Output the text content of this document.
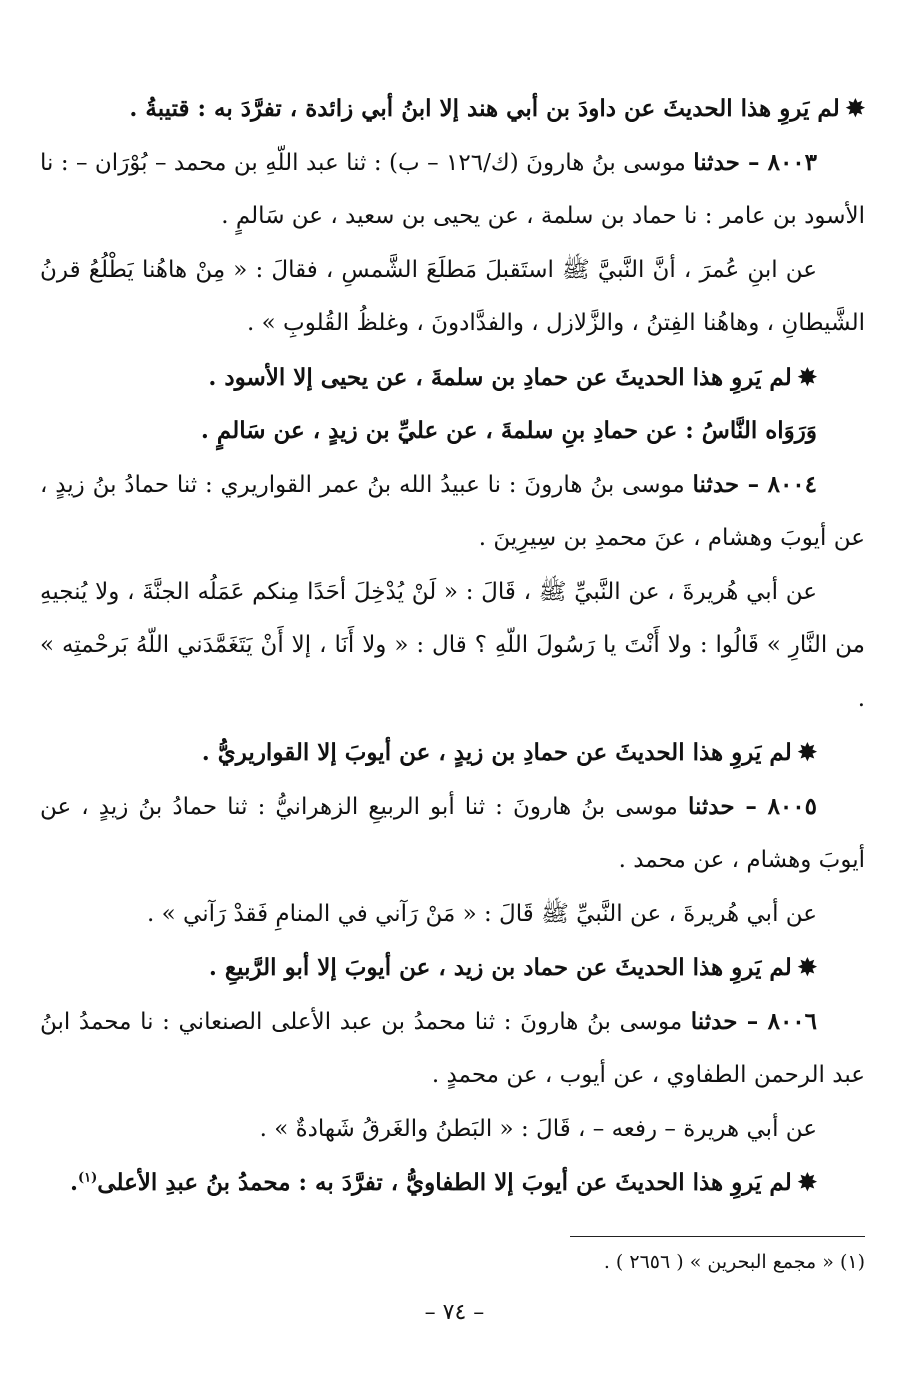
✸لم يَروِ هذا الحديثَ عن داودَ بن أبي هند إلا ابنُ أبي زائدة ، تفرَّدَ به : قتيبةُ .

٨٠٠٣ – حدثنا موسى بنُ هارونَ (ك/١٢٦ – ب) : ثنا عبد اللّهِ بن محمد – بُوْرَان – : نا الأسود بن عامر : نا حماد بن سلمة ، عن يحيى بن سعيد ، عن سَالمٍ .

عن ابنِ عُمرَ ، أنَّ النَّبيَّ ﷺ استَقبلَ مَطلَعَ الشَّمسِ ، فقالَ : « مِنْ هاهُنا يَطْلُعُ قرنُ الشَّيطانِ ، وهاهُنا الفِتنُ ، والزَّلازل ، والفدَّادونَ ، وغلظُ القُلوبِ » .

✸لم يَروِ هذا الحديثَ عن حمادِ بن سلمةَ ، عن يحيى إلا الأسود .

وَرَوَاه النَّاسُ : عن حمادِ بنِ سلمةَ ، عن عليِّ بن زيدٍ ، عن سَالمٍ .

٨٠٠٤ – حدثنا موسى بنُ هارونَ : نا عبيدُ الله بنُ عمر القواريري : ثنا حمادُ بنُ زيدٍ ، عن أيوبَ وهشام ، عنَ محمدِ بن سِيرِينَ .

عن أبي هُريرةَ ، عن النَّبيِّ ﷺ ، قَالَ : « لَنْ يُدْخِلَ أحَدًا مِنكم عَمَلُه الجنَّةَ ، ولا يُنجيهِ من النَّارِ » قَالُوا : ولا أَنْتَ يا رَسُولَ اللّهِ ؟ قال : « ولا أَنَا ، إلا أَنْ يَتَغَمَّدَني اللّهُ بَرحْمتِه » .

✸لم يَروِ هذا الحديثَ عن حمادِ بن زيدٍ ، عن أيوبَ إلا القواريريُّ .

٨٠٠٥ – حدثنا موسى بنُ هارونَ : ثنا أبو الربيعِ الزهرانيُّ : ثنا حمادُ بنُ زيدٍ ، عن أيوبَ وهشام ، عن محمد .

عن أبي هُريرةَ ، عن النَّبيِّ ﷺ قَالَ : « مَنْ رَآني في المنامِ فَقدْ رَآني » .

✸لم يَروِ هذا الحديثَ عن حماد بن زيد ، عن أيوبَ إلا أبو الرَّبيعِ .

٨٠٠٦ – حدثنا موسى بنُ هارونَ : ثنا محمدُ بن عبد الأعلى الصنعاني : نا محمدُ ابنُ عبد الرحمن الطفاوي ، عن أيوب ، عن محمدٍ .

عن أبي هريرة – رفعه – ، قَالَ : « البَطنُ والغَرقُ شَهادةٌ » .

✸لم يَروِ هذا الحديثَ عن أيوبَ إلا الطفاويُّ ، تفرَّدَ به : محمدُ بنُ عبدِ الأعلى$^{(١)}$.

(١) « مجمع البحرين » ( ٢٦٥٦ ) .
– ٧٤ –
